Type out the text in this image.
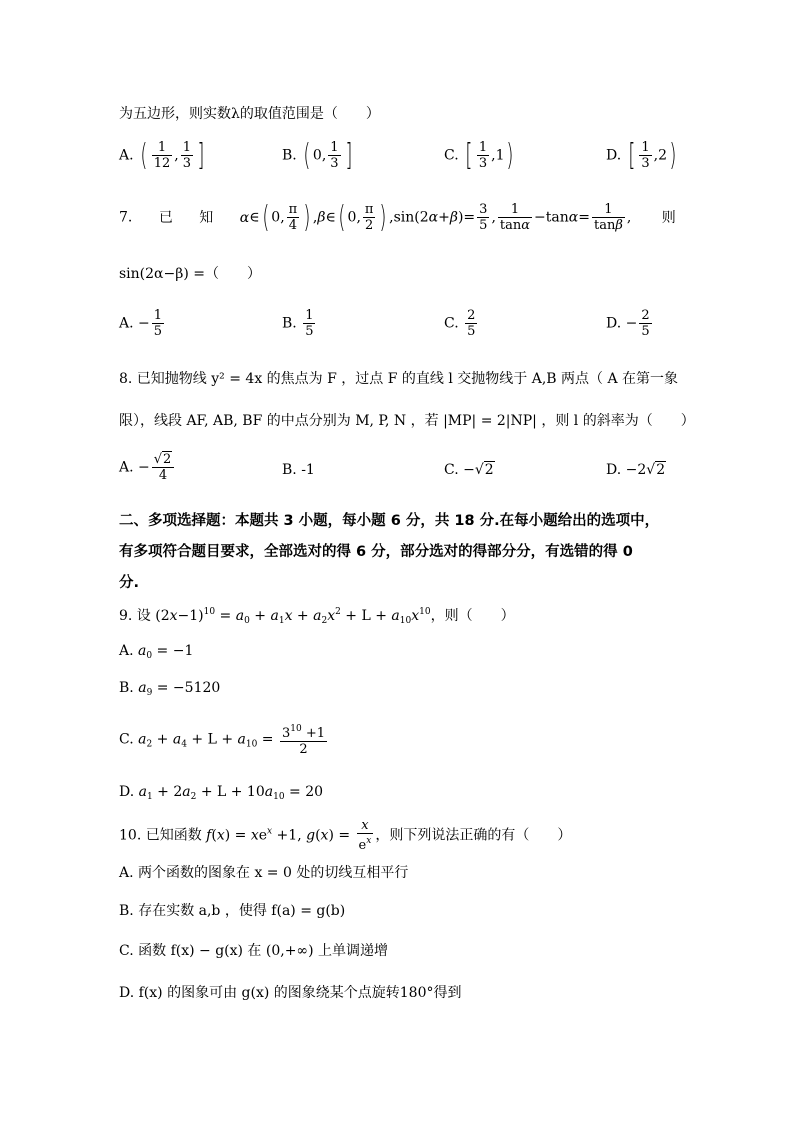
为五边形，则实数λ的取值范围是（　　）
A. ( $\frac{1}{12}$ , $\frac{1}{3}$ ]	B. ( 0, $\frac{1}{3}$ ]	C. [ $\frac{1}{3} ,1$)	D. [ $\frac{1}{3} ,2$)
7. 已 知 α∈( 0, $\frac{\pi}{4}$ ) ,β∈( 0, $\frac{\pi}{2}$ ) $,\sin(2\alpha+\beta)= \frac{3}{5}$ , $\frac{1}{\tan\alpha} -\tan\alpha= \frac{1}{\tan\beta}$ , 则
sin(2α−β) =（　　）
A. − $\frac{1}{5}$	B. $\frac{1}{5}$	C. $\frac{2}{5}$	D. − $\frac{2}{5}$
8. 已知抛物线 y² = 4x 的焦点为 F ，过点 F 的直线 l 交抛物线于 A,B 两点（ A 在第一象
限），线段 AF, AB, BF 的中点分别为 M, P, N ，若 |MP| = 2|NP| ，则 l 的斜率为（　　）
A. − $\frac{√2}{4}$	B. -1	C. −√2	D. −2√2
二、多项选择题：本题共 3 小题，每小题 6 分，共 18 分.在每小题给出的选项中，
有多项符合题目要求，全部选对的得 6 分，部分选对的得部分分，有选错的得 0
分.
9. 设 $(2x-1)^{10} = a_0 + a_1x + a_2x^2 + L + a_{10}x^{10}$，则（　　）
A. $a_0 = -1$
B. $a_9 = -5120$
C. $a_2 + a_4 + L + a_{10} = \frac{3^{10} +1}{2}$
D. $a_1 + 2a_2 + L + 10a_{10} = 20$
10. 已知函数 $f(x) = xe^x +1$, $g(x) = \frac{x}{e^x}$ ，则下列说法正确的有（　　）
A. 两个函数的图象在 x = 0 处的切线互相平行
B. 存在实数 a,b ，使得 f(a) = g(b)
C. 函数 f(x) − g(x) 在 (0,+∞) 上单调递增
D. f(x) 的图象可由 g(x) 的图象绕某个点旋转180°得到
